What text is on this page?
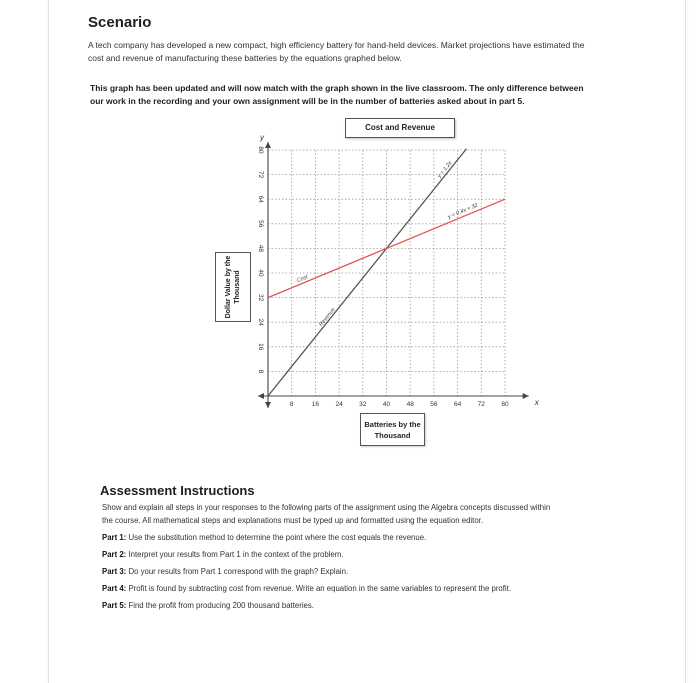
Scenario
A tech company has developed a new compact, high efficiency battery for hand-held devices. Market projections have estimated the
cost and revenue of manufacturing these batteries by the equations graphed below.
This graph has been updated and will now match with the graph shown in the live classroom. The only difference between
our work in the recording and your own assignment will be in the number of batteries asked about in part 5.
x
y
8	16	24	32	40	48	56	64	72	80
8
16
24
32
40
48
56
64
72
80
Revenue
Cost
y = 1.2x
y = 0.4x + 32
Cost and Revenue
Dollar Value by the Thousand
Batteries by the Thousand
Assessment Instructions
Show and explain all steps in your responses to the following parts of the assignment using the Algebra concepts discussed within
the course. All mathematical steps and explanations must be typed up and formatted using the equation editor.
Part 1: Use the substitution method to determine the point where the cost equals the revenue.
Part 2: Interpret your results from Part 1 in the context of the problem.
Part 3: Do your results from Part 1 correspond with the graph? Explain.
Part 4: Profit is found by subtracting cost from revenue. Write an equation in the same variables to represent the profit.
Part 5: Find the profit from producing 200 thousand batteries.
